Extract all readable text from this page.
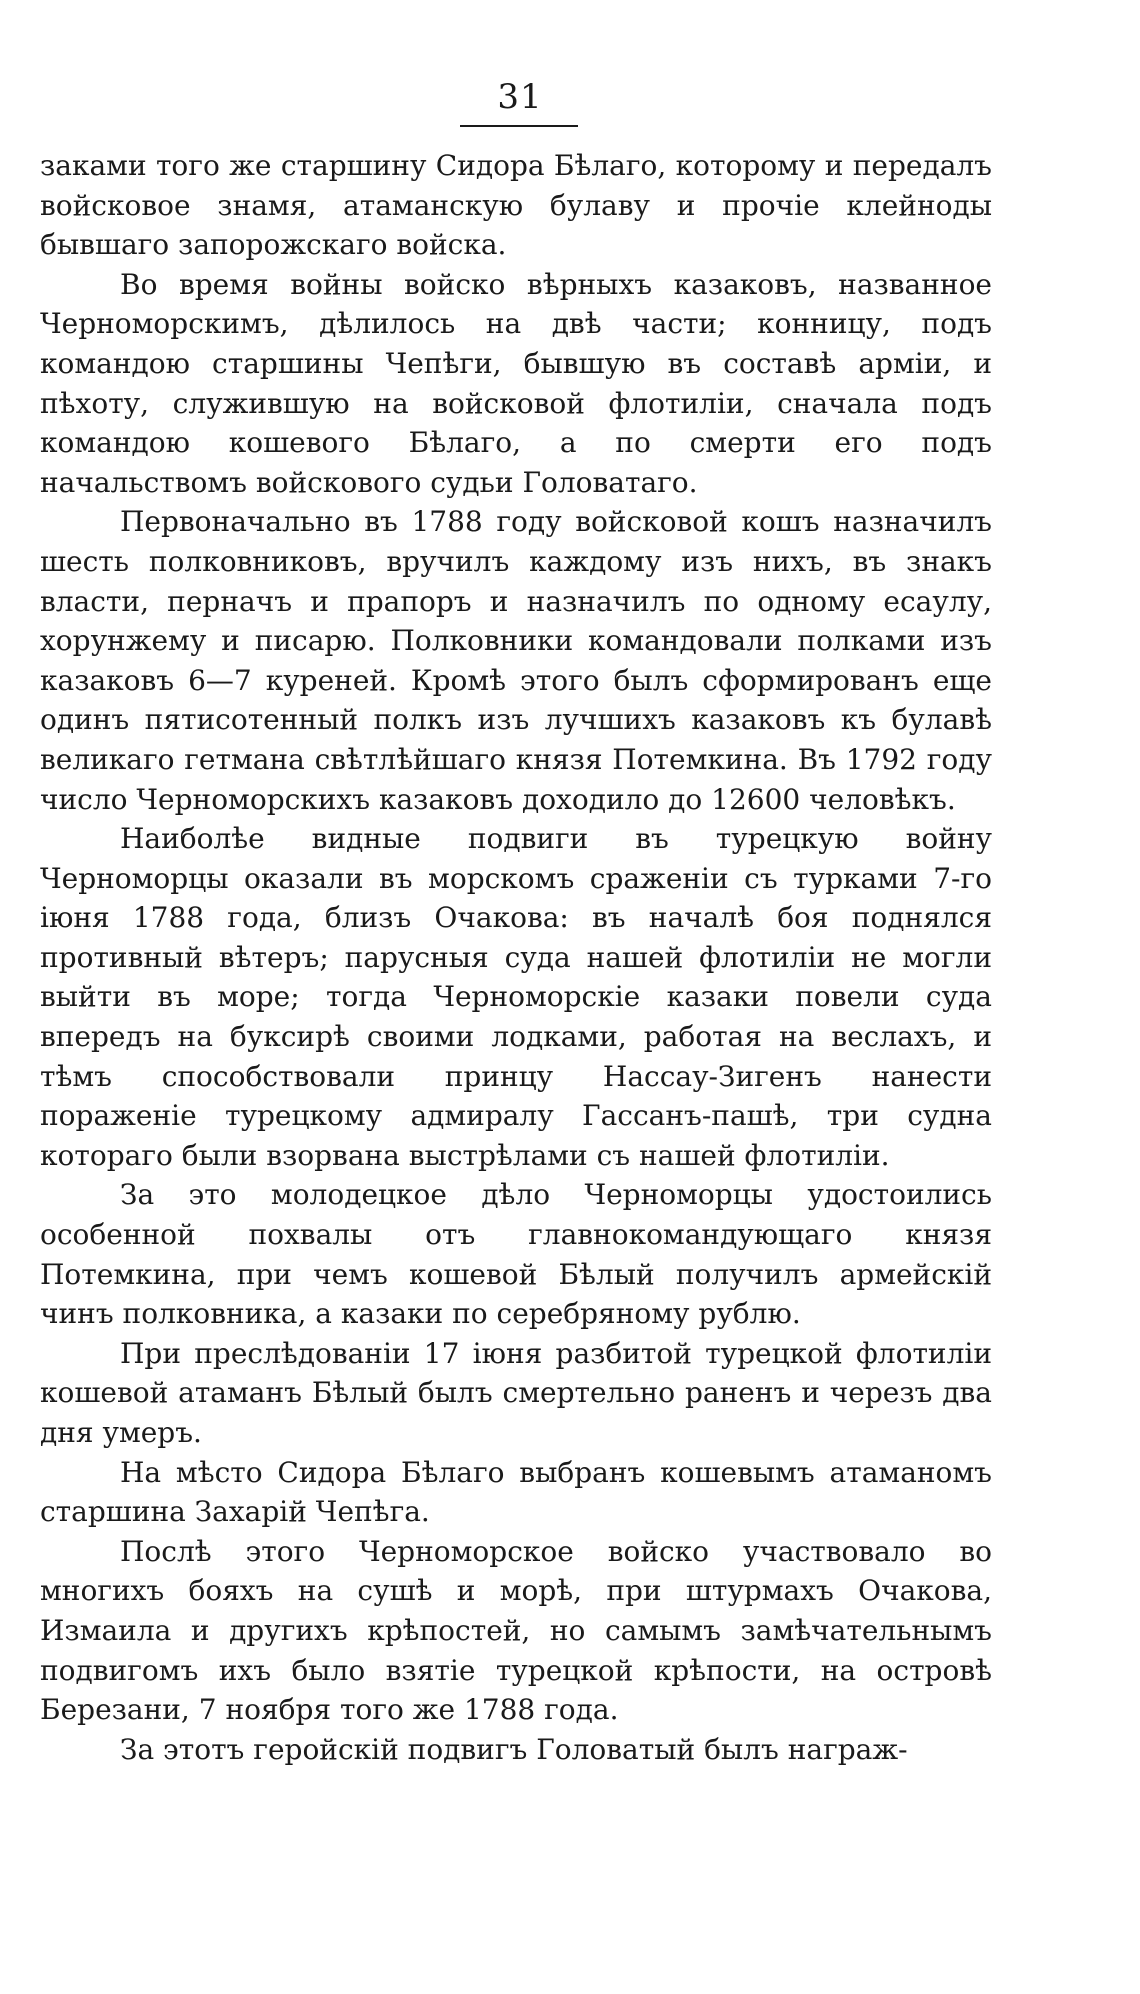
31

заками того же старшину Сидора Бѣлаго, которому и передалъ войсковое знамя, атаманскую булаву и прочiе клейноды бывшаго запорожскаго войска.

Во время войны войско вѣрныхъ казаковъ, названное Черноморскимъ, дѣлилось на двѣ части; конницу, подъ командою старшины Чепѣги, бывшую въ составѣ армiи, и пѣхоту, служившую на войсковой флотилiи, сначала подъ командою кошевого Бѣлаго, а по смерти его подъ начальствомъ войскового судьи Головатаго.

Первоначально въ 1788 году войсковой кошъ назначилъ шесть полковниковъ, вручилъ каждому изъ нихъ, въ знакъ власти, перначъ и прапоръ и назначилъ по одному есаулу, хорунжему и писарю. Полковники командовали полками изъ казаковъ 6—7 куреней. Кромѣ этого былъ сформированъ еще одинъ пятисотенный полкъ изъ лучшихъ казаковъ къ булавѣ великаго гетмана свѣтлѣйшаго князя Потемкина. Въ 1792 году число Черноморскихъ казаковъ доходило до 12600 человѣкъ.

Наиболѣе видные подвиги въ турецкую войну Черноморцы оказали въ морскомъ сраженiи съ турками 7-го iюня 1788 года, близъ Очакова: въ началѣ боя поднялся противный вѣтеръ; парусныя суда нашей флотилiи не могли выйти въ море; тогда Черноморскiе казаки повели суда впередъ на буксирѣ своими лодками, работая на веслахъ, и тѣмъ способствовали принцу Нассау-Зигенъ нанести пораженiе турецкому адмиралу Гассанъ-пашѣ, три судна котораго были взорвана выстрѣлами съ нашей флотилiи.

За это молодецкое дѣло Черноморцы удостоились особенной похвалы отъ главнокомандующаго князя Потемкина, при чемъ кошевой Бѣлый получилъ армейскiй чинъ полковника, а казаки по серебряному рублю.

При преслѣдованiи 17 iюня разбитой турецкой флотилiи кошевой атаманъ Бѣлый былъ смертельно раненъ и черезъ два дня умеръ.

На мѣсто Сидора Бѣлаго выбранъ кошевымъ атаманомъ старшина Захарiй Чепѣга.

Послѣ этого Черноморское войско участвовало во многихъ бояхъ на сушѣ и морѣ, при штурмахъ Очакова, Измаила и другихъ крѣпостей, но самымъ замѣчательнымъ подвигомъ ихъ было взятiе турецкой крѣпости, на островѣ Березани, 7 ноября того же 1788 года.

За этотъ геройскiй подвигъ Головатый былъ награж-
